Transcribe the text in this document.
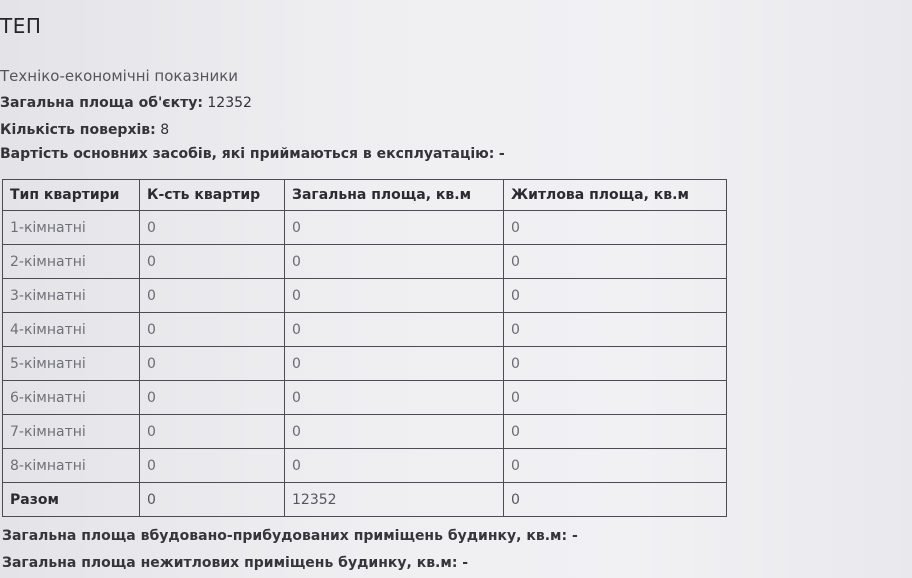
ТЕП
Техніко-економічні показники
Загальна площа об'єкту: 12352
Кількість поверхів: 8
Вартість основних засобів, які приймаються в експлуатацію: -
Тип квартири	К-сть квартир	Загальна площа, кв.м	Житлова площа, кв.м
1-кімнатні	0	0	0
2-кімнатні	0	0	0
3-кімнатні	0	0	0
4-кімнатні	0	0	0
5-кімнатні	0	0	0
6-кімнатні	0	0	0
7-кімнатні	0	0	0
8-кімнатні	0	0	0
Разом	0	12352	0
Загальна площа вбудовано-прибудованих приміщень будинку, кв.м: -
Загальна площа нежитлових приміщень будинку, кв.м: -
